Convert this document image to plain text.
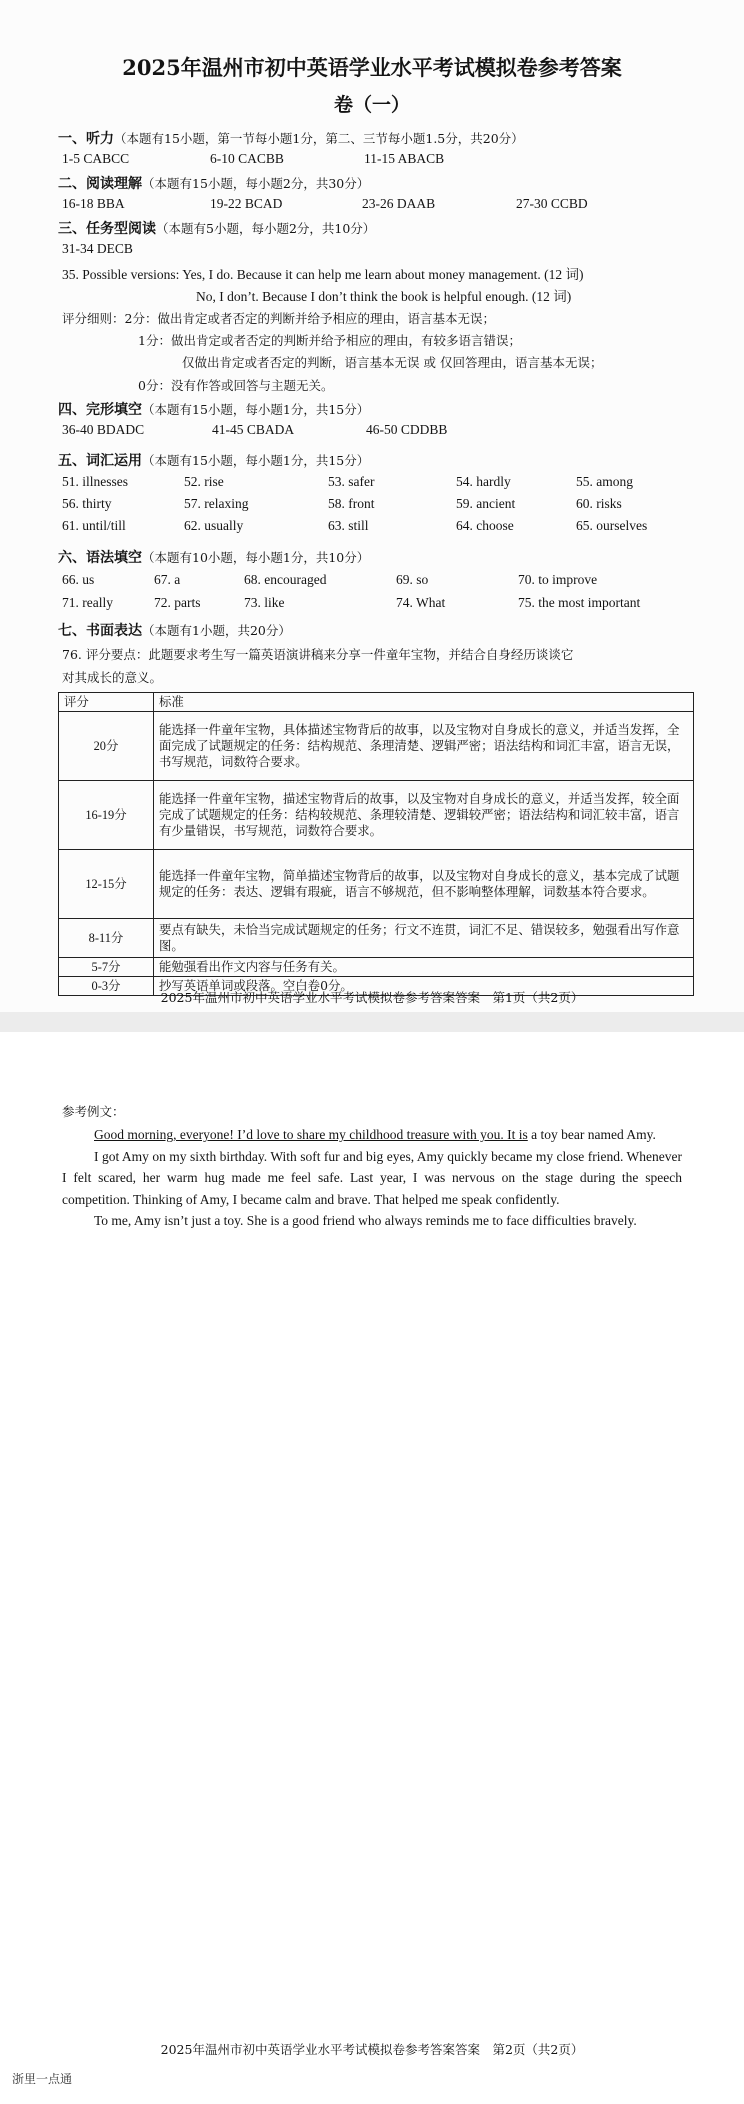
2025年温州市初中英语学业水平考试模拟卷参考答案
卷（一）
一、听力（本题有15小题，第一节每小题1分，第二、三节每小题1.5分，共20分）
1-5 CABCC	6-10 CACBB	11-15 ABACB
二、阅读理解（本题有15小题，每小题2分，共30分）
16-18 BBA	19-22 BCAD	23-26 DAAB	27-30 CCBD
三、任务型阅读（本题有5小题，每小题2分，共10分）
31-34 DECB
35. Possible versions: Yes, I do. Because it can help me learn about money management. (12 词)
No, I don’t. Because I don’t think the book is helpful enough. (12 词)
评分细则：2分：做出肯定或者否定的判断并给予相应的理由，语言基本无误；
1分：做出肯定或者否定的判断并给予相应的理由，有较多语言错误；
仅做出肯定或者否定的判断，语言基本无误 或 仅回答理由，语言基本无误；
0分：没有作答或回答与主题无关。
四、完形填空（本题有15小题，每小题1分，共15分）
36-40 BDADC	41-45 CBADA	46-50 CDDBB
五、词汇运用（本题有15小题，每小题1分，共15分）
51. illnesses	52. rise	53. safer	54. hardly	55. among
56. thirty	57. relaxing	58. front	59. ancient	60. risks
61. until/till	62. usually	63. still	64. choose	65. ourselves
六、语法填空（本题有10小题，每小题1分，共10分）
66. us	67. a	68. encouraged	69. so	70. to improve
71. really	72. parts	73. like	74. What	75. the most important
七、书面表达（本题有1小题，共20分）
76. 评分要点：此题要求考生写一篇英语演讲稿来分享一件童年宝物，并结合自身经历谈谈它
对其成长的意义。
评分	标准
20分	能选择一件童年宝物，具体描述宝物背后的故事，以及宝物对自身成长的意义，并适当发挥，全面完成了试题规定的任务：结构规范、条理清楚、逻辑严密；语法结构和词汇丰富，语言无误，书写规范，词数符合要求。
16-19分	能选择一件童年宝物，描述宝物背后的故事，以及宝物对自身成长的意义，并适当发挥，较全面完成了试题规定的任务：结构较规范、条理较清楚、逻辑较严密；语法结构和词汇较丰富，语言有少量错误，书写规范，词数符合要求。
12-15分	能选择一件童年宝物，简单描述宝物背后的故事，以及宝物对自身成长的意义，基本完成了试题规定的任务：表达、逻辑有瑕疵，语言不够规范，但不影响整体理解，词数基本符合要求。
8-11分	要点有缺失，未恰当完成试题规定的任务；行文不连贯，词汇不足、错误较多，勉强看出写作意图。
5-7分	能勉强看出作文内容与任务有关。
0-3分	抄写英语单词或段落。空白卷0分。
2025年温州市初中英语学业水平考试模拟卷参考答案答案　第1页（共2页）
参考例文：

Good morning, everyone! I’d love to share my childhood treasure with you. It is a toy bear named Amy.

I got Amy on my sixth birthday. With soft fur and big eyes, Amy quickly became my close friend. Whenever I felt scared, her warm hug made me feel safe. Last year, I was nervous on the stage during the speech competition. Thinking of Amy, I became calm and brave. That helped me speak confidently.

To me, Amy isn’t just a toy. She is a good friend who always reminds me to face difficulties bravely.

2025年温州市初中英语学业水平考试模拟卷参考答案答案　第2页（共2页）
浙里一点通
